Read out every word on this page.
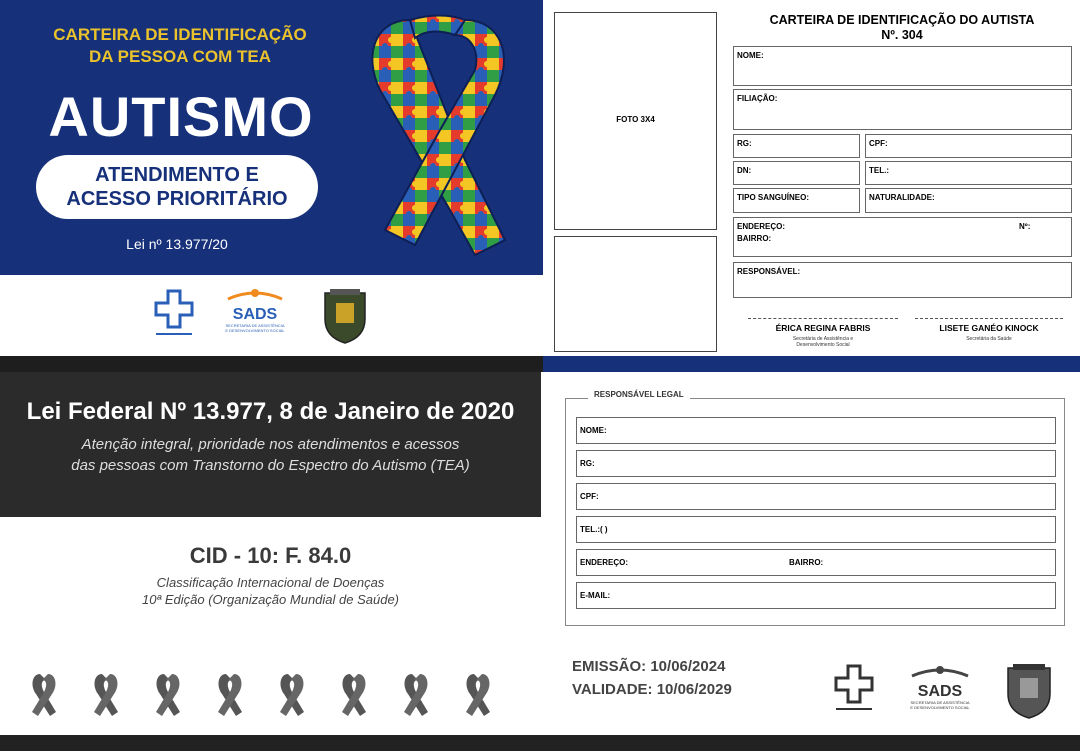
CARTEIRA DE IDENTIFICAÇÃO
DA PESSOA COM TEA
AUTISMO
ATENDIMENTO E
ACESSO PRIORITÁRIO
Lei nº 13.977/20
SADS
SECRETARIA DE ASSISTÊNCIA
E DESENVOLVIMENTO SOCIAL
FOTO 3X4
CARTEIRA DE IDENTIFICAÇÃO DO AUTISTA
Nº. 304
NOME:
FILIAÇÃO:
RG:	CPF:
DN:	TEL.:
TIPO SANGUÍNEO:	NATURALIDADE:
ENDEREÇO:	Nº:
BAIRRO:
RESPONSÁVEL:
ÉRICA REGINA FABRIS
Secretária de Assistência e
Desenvolvimento Social
LISETE GANÉO KINOCK
Secretária da Saúde
Lei Federal Nº 13.977, 8 de Janeiro de 2020
Atenção integral, prioridade nos atendimentos e acessos
das pessoas com Transtorno do Espectro do Autismo (TEA)
CID - 10: F. 84.0
Classificação Internacional de Doenças
10ª Edição (Organização Mundial de Saúde)
RESPONSÁVEL LEGAL
NOME:
RG:
CPF:
TEL.:( )
ENDEREÇO:	BAIRRO:
E-MAIL:
EMISSÃO: 10/06/2024
VALIDADE: 10/06/2029	SADS
SECRETARIA DE ASSISTÊNCIA
E DESENVOLVIMENTO SOCIAL
